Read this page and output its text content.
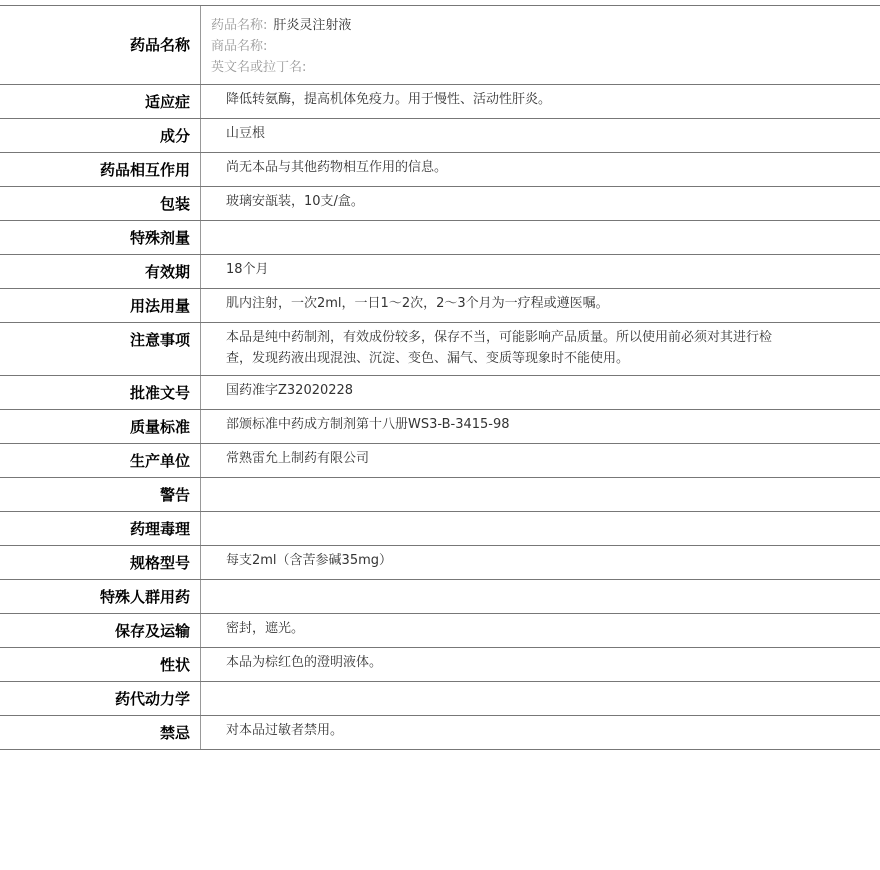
药品名称
药品名称: 肝炎灵注射液
商品名称:
英文名或拉丁名:
适应症	降低转氨酶，提高机体免疫力。用于慢性、活动性肝炎。
成分	山豆根
药品相互作用	尚无本品与其他药物相互作用的信息。
包装	玻璃安瓿装，10支/盒。
特殊剂量
有效期	18个月
用法用量	肌内注射，一次2ml，一日1～2次，2～3个月为一疗程或遵医嘱。
注意事项	本品是纯中药制剂，有效成份较多，保存不当，可能影响产品质量。所以使用前必须对其进行检查，发现药液出现混浊、沉淀、变色、漏气、变质等现象时不能使用。
批准文号	国药准字Z32020228
质量标准	部颁标准中药成方制剂第十八册WS3-B-3415-98
生产单位	常熟雷允上制药有限公司
警告
药理毒理
规格型号	每支2ml（含苦参碱35mg）
特殊人群用药
保存及运输	密封，遮光。
性状	本品为棕红色的澄明液体。
药代动力学
禁忌	对本品过敏者禁用。
